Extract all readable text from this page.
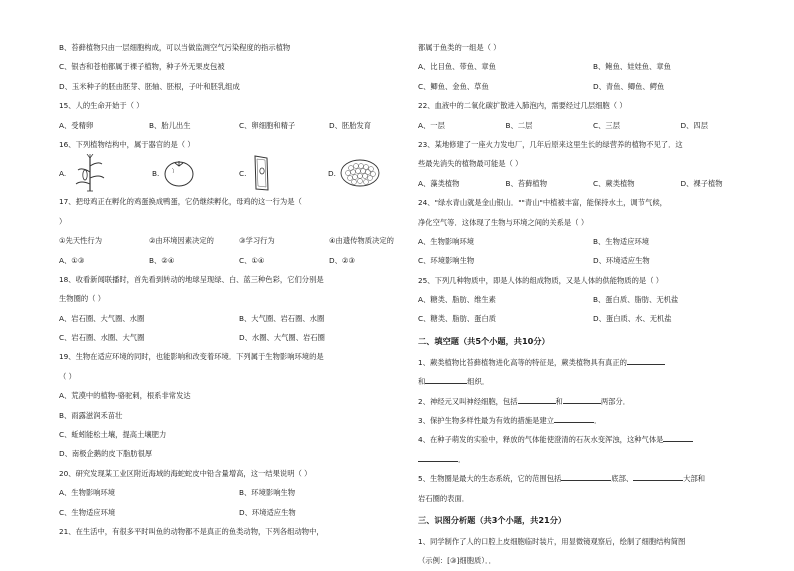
B、苔藓植物只由一层细胞构成，可以当做监测空气污染程度的指示植物
C、银杏和苍柏都属于裸子植物，种子外无果皮包被
D、玉米种子的胚由胚芽、胚轴、胚根，子叶和胚乳组成
15、人的生命开始于（ ）
A、受精卵	B、胎儿出生	C、卵细胞和精子	D、胚胎发育
16、下列植物结构中，属于器官的是（ ）
A.	B.	C.	D.
17、把母鸡正在孵化的鸡蛋换成鸭蛋，它仍继续孵化，母鸡的这一行为是（
）
①先天性行为	②由环境因素决定的	③学习行为	④由遗传物质决定的
A、①③	B、②④	C、①④	D、②③
18、收看新闻联播时，首先看到转动的地球呈现绿、白、蓝三种色彩，它们分别是
生物圈的（ ）
A、岩石圈、大气圈、水圈	B、大气圈、岩石圈、水圈
C、岩石圈、水圈、大气圈	D、水圈、大气圈、岩石圈
19、生物在适应环境的同时，也能影响和改变着环境．下列属于生物影响环境的是
（ ）
A、荒漠中的植物-骆驼刺，根系非常发达
B、雨露滋润禾苗壮
C、蚯蚓能松土壤，提高土壤肥力
D、南极企鹅的皮下脂肪很厚
20、研究发现某工业区附近海域的海蛇蛇皮中铅含量增高，这一结果说明（ ）
A、生物影响环境	B、环境影响生物
C、生物适应环境	D、环境适应生物
21、在生活中，有很多平时叫鱼的动物都不是真正的鱼类动物，下列各组动物中，
都属于鱼类的一组是（ ）
A、比目鱼、带鱼、章鱼	B、鲍鱼、娃娃鱼、章鱼
C、鲫鱼、金鱼、草鱼	D、青鱼、鲫鱼、鳄鱼
22、血液中的二氧化碳扩散进入肺泡内，需要经过几层细胞（ ）
A、一层	B、二层	C、三层	D、四层
23、某地修建了一座火力发电厂，几年后原来这里生长的绿营养的植物不见了．这
些最先消失的植物最可能是（ ）
A、藻类植物	B、苔藓植物	C、蕨类植物	D、裸子植物
24、"绿水青山就是金山银山．""青山"中植被丰富，能保持水土，调节气候，
净化空气等．这体现了生物与环境之间的关系是（ ）
A、生物影响环境	B、生物适应环境
C、环境影响生物	D、环境适应生物
25、下列几种物质中，即是人体的组成物质，又是人体的供能物质的是（ ）
A、糖类、脂肪、维生素	B、蛋白质、脂肪、无机盐
C、糖类、脂肪、蛋白质	D、蛋白质、水、无机盐
二、填空题（共5个小题，共10分）
1、蕨类植物比苔藓植物进化高等的特征是，蕨类植物具有真正的
和	组织．
2、神经元又叫神经细胞，包括	和	两部分．
3、保护生物多样性最为有效的措施是建立	．
4、在种子萌发的实验中，释放的气体能使澄清的石灰水变浑浊，这种气体是
．
5、生物圈是最大的生态系统，它的范围包括	底部、	大部和
岩石圈的表面．
三、识图分析题（共3个小题，共21分）
1、同学制作了人的口腔上皮细胞临时装片，用显微镜观察后，绘制了细胞结构简图
（示例：[③]细胞质）．．
